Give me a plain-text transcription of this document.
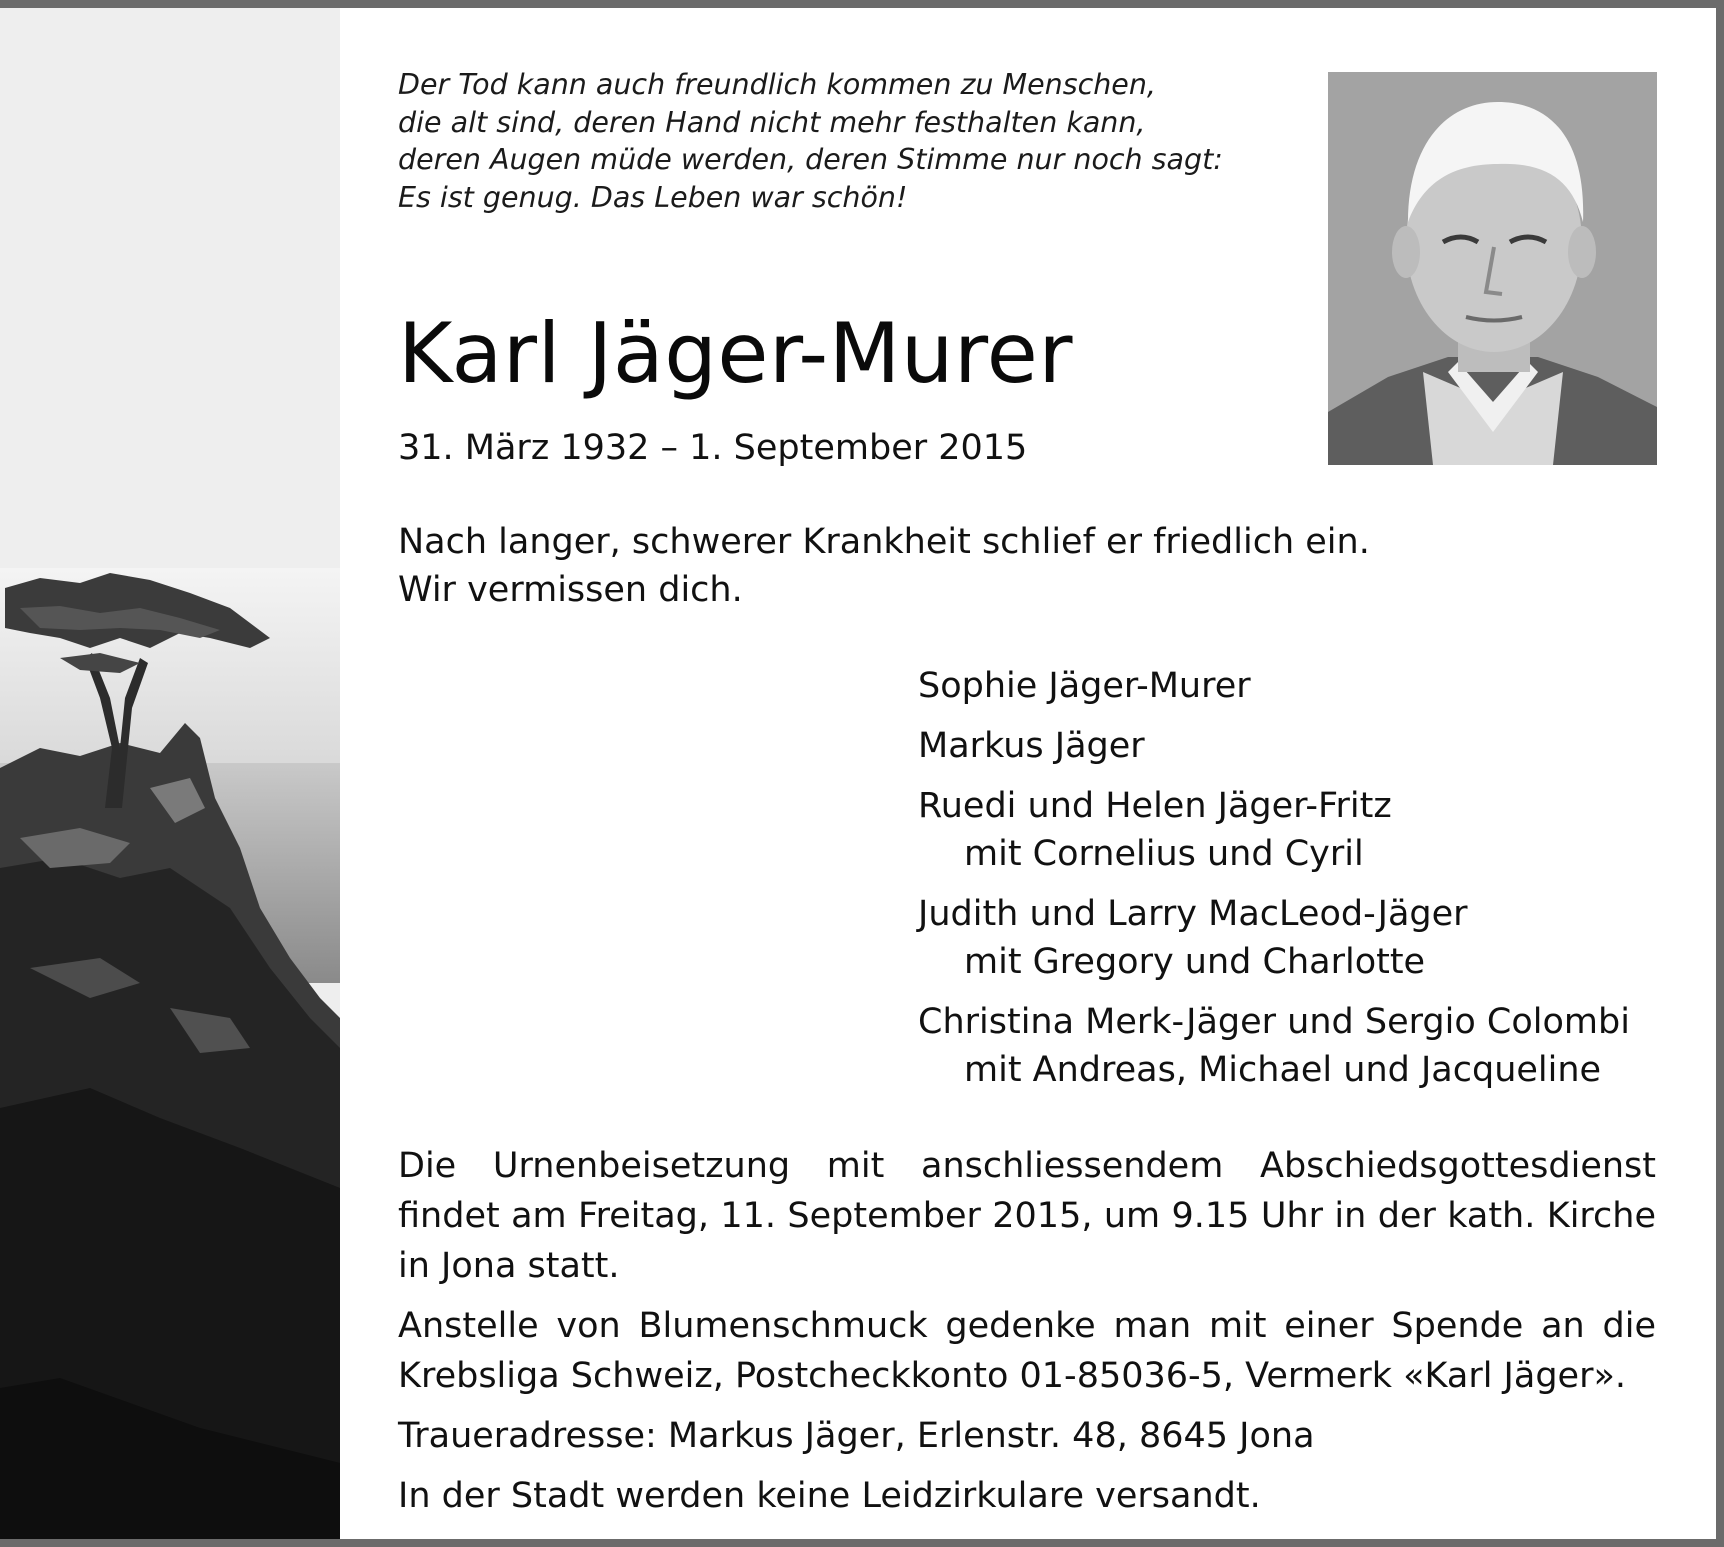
Der Tod kann auch freundlich kommen zu Menschen,
die alt sind, deren Hand nicht mehr festhalten kann,
deren Augen müde werden, deren Stimme nur noch sagt:
Es ist genug. Das Leben war schön!
Karl Jäger-Murer
31. März 1932 – 1. September 2015
Nach langer, schwerer Krankheit schlief er friedlich ein.
Wir vermissen dich.
Sophie Jäger-Murer
Markus Jäger
Ruedi und Helen Jäger-Fritz
mit Cornelius und Cyril
Judith und Larry MacLeod-Jäger
mit Gregory und Charlotte
Christina Merk-Jäger und Sergio Colombi
mit Andreas, Michael und Jacqueline
Die Urnenbeisetzung mit anschliessendem Abschiedsgottesdienst
findet am Freitag, 11. September 2015, um 9.15 Uhr in der kath. Kirche
in Jona statt.
Anstelle von Blumenschmuck gedenke man mit einer Spende an die
Krebsliga Schweiz, Postcheckkonto 01-85036-5, Vermerk «Karl Jäger».
Traueradresse: Markus Jäger, Erlenstr. 48, 8645 Jona
In der Stadt werden keine Leidzirkulare versandt.
